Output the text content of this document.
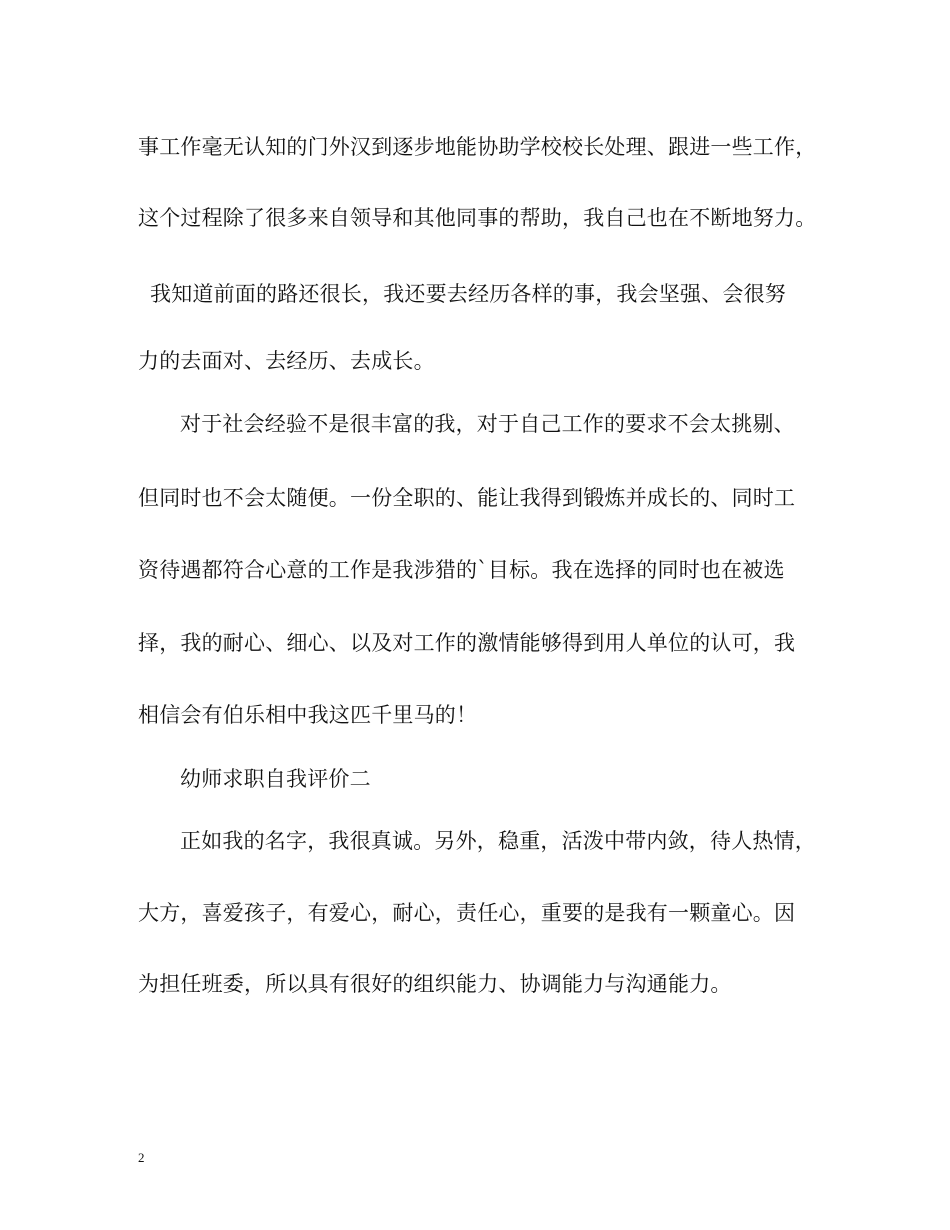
事工作毫无认知的门外汉到逐步地能协助学校校长处理、跟进一些工作，
这个过程除了很多来自领导和其他同事的帮助，我自己也在不断地努力。
我知道前面的路还很长，我还要去经历各样的事，我会坚强、会很努
力的去面对、去经历、去成长。
对于社会经验不是很丰富的我，对于自己工作的要求不会太挑剔、
但同时也不会太随便。一份全职的、能让我得到锻炼并成长的、同时工
资待遇都符合心意的工作是我涉猎的`目标。我在选择的同时也在被选
择，我的耐心、细心、以及对工作的激情能够得到用人单位的认可，我
相信会有伯乐相中我这匹千里马的！
幼师求职自我评价二
正如我的名字，我很真诚。另外，稳重，活泼中带内敛，待人热情，
大方，喜爱孩子，有爱心，耐心，责任心，重要的是我有一颗童心。因
为担任班委，所以具有很好的组织能力、协调能力与沟通能力。
2
